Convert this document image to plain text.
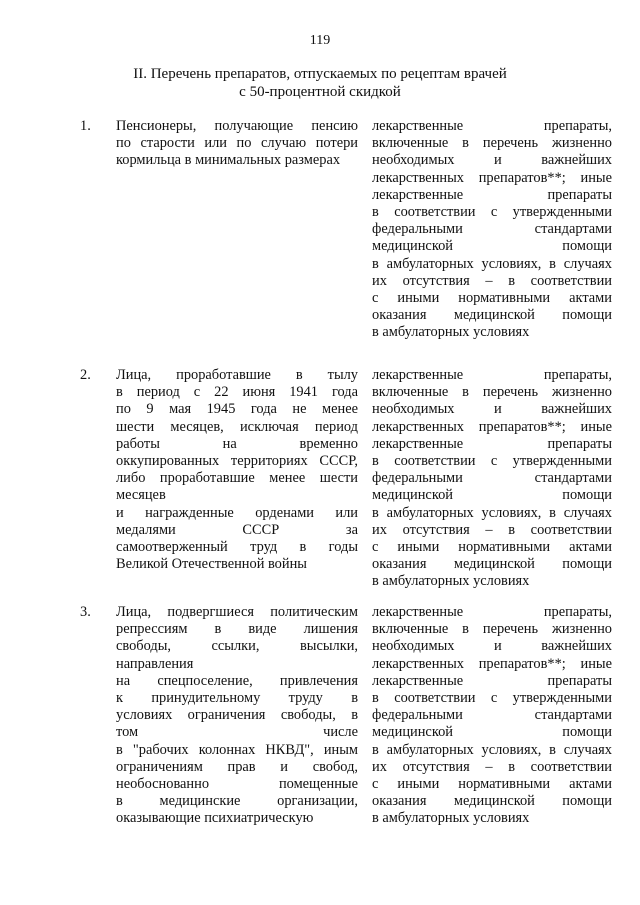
119
II. Перечень препаратов, отпускаемых по рецептам врачей
с 50-процентной скидкой
1. Пенсионеры, получающие пенсию
по старости или по случаю потери
кормильца в минимальных размерах
лекарственные препараты,
включенные в перечень жизненно
необходимых и важнейших
лекарственных препаратов**; иные
лекарственные препараты
в соответствии с утвержденными
федеральными стандартами
медицинской помощи
в амбулаторных условиях, в случаях
их отсутствия – в соответствии
с иными нормативными актами
оказания медицинской помощи
в амбулаторных условиях
2. Лица, проработавшие в тылу
в период с 22 июня 1941 года
по 9 мая 1945 года не менее
шести месяцев, исключая период
работы на временно
оккупированных территориях СССР,
либо проработавшие менее шести
месяцев
и награжденные орденами или
медалями СССР за
самоотверженный труд в годы
Великой Отечественной войны
лекарственные препараты,
включенные в перечень жизненно
необходимых и важнейших
лекарственных препаратов**; иные
лекарственные препараты
в соответствии с утвержденными
федеральными стандартами
медицинской помощи
в амбулаторных условиях, в случаях
их отсутствия – в соответствии
с иными нормативными актами
оказания медицинской помощи
в амбулаторных условиях
3. Лица, подвергшиеся политическим
репрессиям в виде лишения
свободы, ссылки, высылки,
направления
на спецпоселение, привлечения
к принудительному труду в
условиях ограничения свободы, в
том числе
в "рабочих колоннах НКВД", иным
ограничениям прав и свобод,
необоснованно помещенные
в медицинские организации,
оказывающие психиатрическую
лекарственные препараты,
включенные в перечень жизненно
необходимых и важнейших
лекарственных препаратов**; иные
лекарственные препараты
в соответствии с утвержденными
федеральными стандартами
медицинской помощи
в амбулаторных условиях, в случаях
их отсутствия – в соответствии
с иными нормативными актами
оказания медицинской помощи
в амбулаторных условиях
